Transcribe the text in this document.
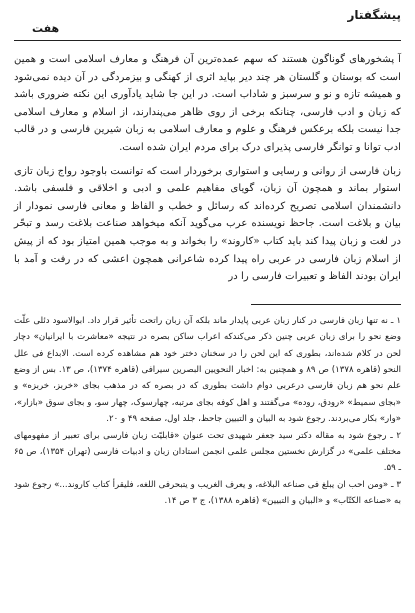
پیشگفتار
هفت

آ پشخورهای گوناگون هستند که سهم عمده‌ترین آن فرهنگ و معارف اسلامی است و همین است که بوستان و گلستان هر چند دیر بپاید اثری از کهنگی و بیزمردگی در آن دیده نمی‌شود و همیشه تازه و نو و سرسبز و شاداب است. در این جا شاید یادآوری این نکته ضروری باشد که زبان و ادب فارسی، چنانکه برخی از روی ظاهر می‌پندارند، از اسلام و معارف اسلامی جدا نیست بلکه برعکس فرهنگ و علوم و معارف اسلامی به زبان شیرین فارسی و در قالب ادب توانا و توانگر فارسی پذیرای درک برای مردم ایران شده است.

زبان فارسی از روانی و رسایی و استواری برخوردار است که توانست باوجود رواج زبان تازی استوار بماند و همچون آن زبان، گویای مفاهیم علمی و ادبی و اخلاقی و فلسفی باشد. دانشمندان اسلامی تصریح کرده‌اند که رسائل و خطب و الفاظ و معانی فارسی نمودار از بیان و بلاغت است. جاحظ نویسنده عرب می‌گوید آنکه میخواهد صناعت بلاغت رسد و تبحّر در لغت و زبان پیدا کند باید کتاب «کاروند» را بخواند و به موجب همین امتیاز بود که از پیش از اسلام زبان فارسی در عربی راه پیدا کرده شاعرانی همچون اعشی که در رفت و آمد با ایران بودند الفاظ و تعبیرات فارسی را در

۱ ـ نه تنها زبان فارسی در کنار زبان عربی پایدار ماند بلکه آن زبان راتحت تأثیر قرار داد. ابوالاسود دئلی علّت وضع نحو را برای زبان عربی چنین ذکر می‌کندکه اعراب ساکن بصره در نتیجه «معاشرت با ایرانیان» دچار لحن در کلام شده‌اند، بطوری که این لحن را در سخنان دختر خود هم مشاهده کرده است. الابداع فی علل النحو (قاهره ۱۳۷۸) ص ۸۹ و همچنین به: اخبار النحویین البصرین سیرافی (قاهره ۱۳۷۴)، ص ۱۳. بس از وضع علم نحو هم زبان فارسی درعربی دوام داشت بطوری که در بصره که در مذهب بجای «خربز، خربزه» و «بجای سمیط» «رودق، روده» می‌گفتند و اهل کوفه بجای مرتبه، چهارسوک، چهار سو، و بجای سوق «بازار»، «وار» بکار می‌بردند. رجوع شود به البیان و التبیین جاحظ، جلد اول، صفحه ۴۹ و ۲۰.

۲ ـ رجوع شود به مقاله دکتر سید جعفر شهیدی تحت عنوان «قابلیّت زبان فارسی برای تعبیر از مفهومهای مختلف علمی» در گزارش نخستین مجلس علمی انجمن استادان زبان و ادبیات فارسی (تهران ۱۳۵۴)، ص ۶۵ ـ ۵۹.

۳ ـ «ومن احب ان یبلغ فی صناعه البلاغه، و یعرف الغریب و یتبحرفی اللغه، فلیقرأ کتاب کاروند...» رجوع شود به «صناعه الکتّاب» و «البیان و التبیین» (قاهره ۱۳۸۸)، ج ۳ ص ۱۴.
